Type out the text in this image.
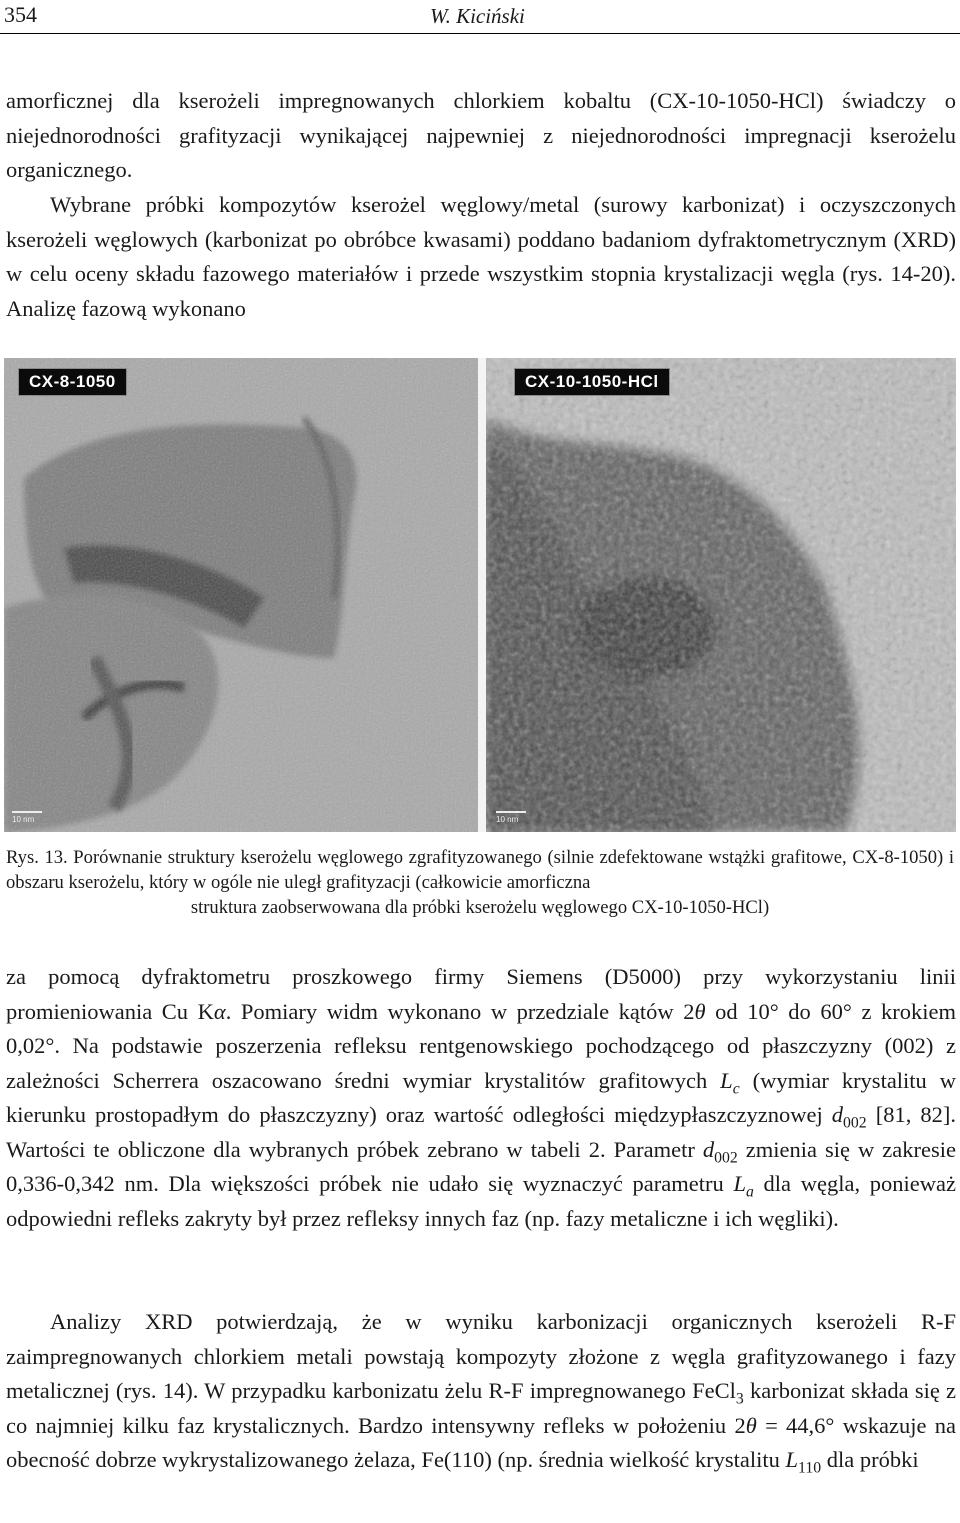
354	W. Kiciński

amorficznej dla kserożeli impregnowanych chlorkiem kobaltu (CX-10-1050-HCl) świadczy o niejednorodności grafityzacji wynikającej najpewniej z niejednorodności impregnacji kserożelu organicznego.

Wybrane próbki kompozytów kserożel węglowy/metal (surowy karbonizat) i oczyszczonych kserożeli węglowych (karbonizat po obróbce kwasami) poddano badaniom dyfraktometrycznym (XRD) w celu oceny składu fazowego materiałów i przede wszystkim stopnia krystalizacji węgla (rys. 14-20). Analizę fazową wykonano

CX-8-1050
10 nm
CX-10-1050-HCl
10 nm

Rys. 13. Porównanie struktury kserożelu węglowego zgrafityzowanego (silnie zdefektowane wstążki grafitowe, CX-8-1050) i obszaru kserożelu, który w ogóle nie uległ grafityzacji (całkowicie amorficzna
struktura zaobserwowana dla próbki kserożelu węglowego CX-10-1050-HCl)

za pomocą dyfraktometru proszkowego firmy Siemens (D5000) przy wykorzystaniu linii promieniowania Cu Kα. Pomiary widm wykonano w przedziale kątów 2θ od 10° do 60° z krokiem 0,02°. Na podstawie poszerzenia refleksu rentgenowskiego pochodzącego od płaszczyzny (002) z zależności Scherrera oszacowano średni wymiar krystalitów grafitowych $L_c$ (wymiar krystalitu w kierunku prostopadłym do płaszczyzny) oraz wartość odległości międzypłaszczyznowej $d_{002}$ [81, 82]. Wartości te obliczone dla wybranych próbek zebrano w tabeli 2. Parametr $d_{002}$ zmienia się w zakresie 0,336-0,342 nm. Dla większości próbek nie udało się wyznaczyć parametru $L_a$ dla węgla, ponieważ odpowiedni refleks zakryty był przez refleksy innych faz (np. fazy metaliczne i ich węgliki).

Analizy XRD potwierdzają, że w wyniku karbonizacji organicznych kserożeli R-F zaimpregnowanych chlorkiem metali powstają kompozyty złożone z węgla grafityzowanego i fazy metalicznej (rys. 14). W przypadku karbonizatu żelu R-F impregnowanego FeCl$_3$ karbonizat składa się z co najmniej kilku faz krystalicznych. Bardzo intensywny refleks w położeniu 2θ = 44,6° wskazuje na obecność dobrze wykrystalizowanego żelaza, Fe(110) (np. średnia wielkość krystalitu $L_{110}$ dla próbki
